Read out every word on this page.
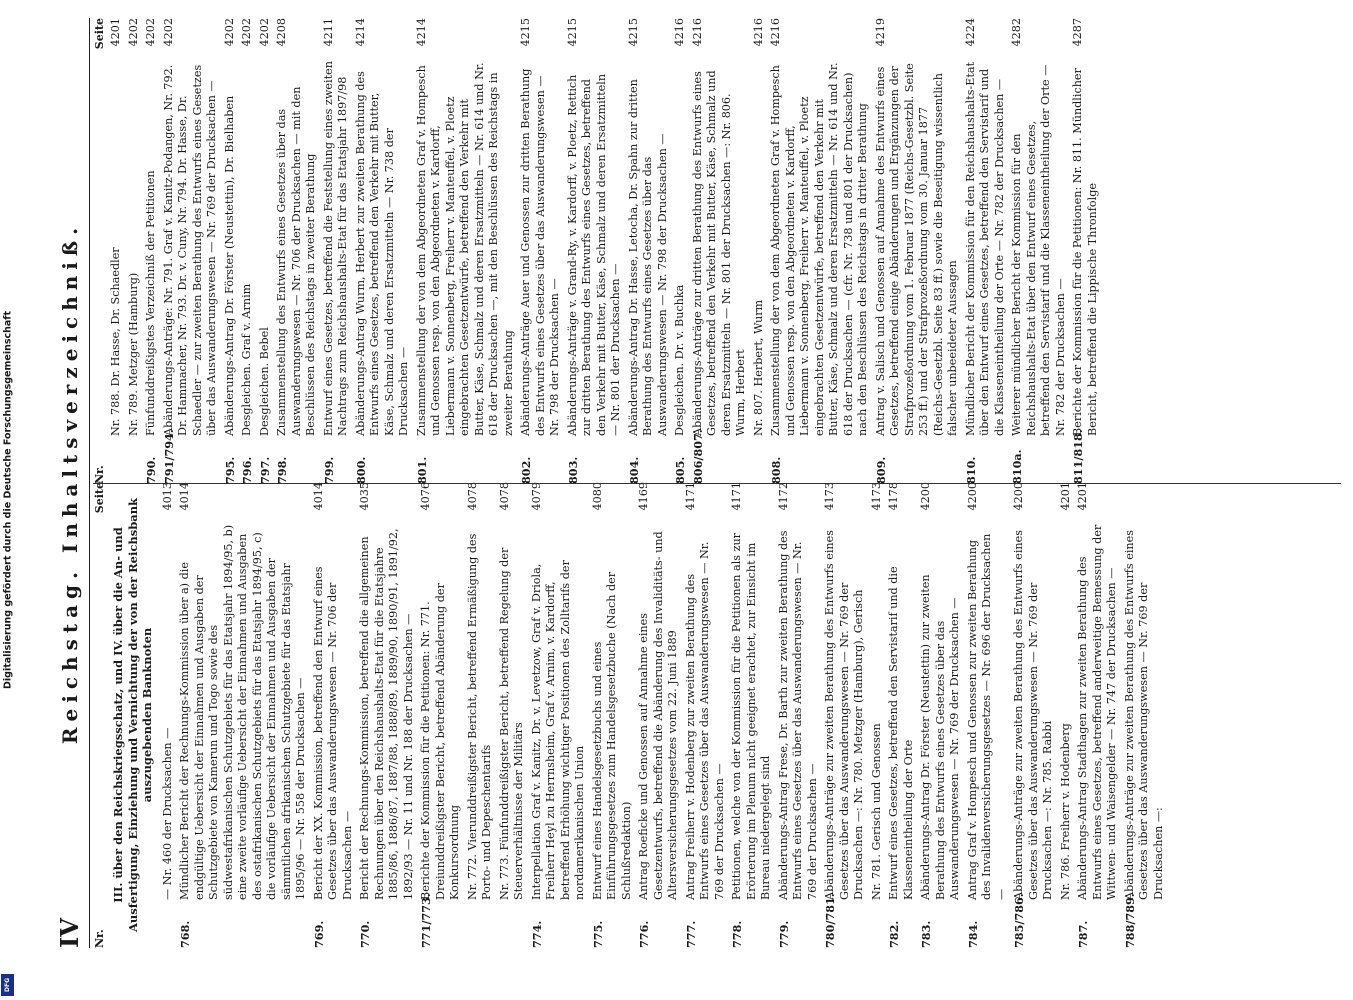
IV
Reichstag. Inhaltsverzeichniß.
Nr.
Seite
III. über den Reichskriegsschatz, und IV. über die An- und Ausfertigung, Einziehung und Vernichtung der von der Reichsbank auszugebenden Banknoten
— Nr. 460 der Drucksachen —
4013
768.
Mündlicher Bericht der Rechnungs-Kommission über a) die endgültige Uebersicht der Einnahmen und Ausgaben der Schutzgebiete von Kamerun und Togo sowie des südwestafrikanischen Schutzgebiets für das Etatsjahr 1894/95, b) eine zweite vorläufige Uebersicht der Einnahmen und Ausgaben des ostafrikanischen Schutzgebiets für das Etatsjahr 1894/95, c) die vorläufige Uebersicht der Einnahmen und Ausgaben der sämmtlichen afrikanischen Schutzgebiete für das Etatsjahr 1895/96 — Nr. 558 der Drucksachen —
4014
769.
Bericht der XX. Kommission, betreffend den Entwurf eines Gesetzes über das Auswanderungswesen — Nr. 706 der Drucksachen —
4014
770.
Bericht der Rechnungs-Kommission, betreffend die allgemeinen Rechnungen über den Reichshaushalts-Etat für die Etatsjahre 1885/86, 1886/87, 1887/88, 1888/89, 1889/90, 1890/91, 1891/92, 1892/93 — Nr. 11 und Nr. 188 der Drucksachen —
4035
771/773.
Berichte der Kommission für die Petitionen: Nr. 771. Dreiunddreißigster Bericht, betreffend Abänderung der Konkursordnung
4076
Nr. 772. Vierunddreißigster Bericht, betreffend Ermäßigung des Porto- und Depeschentarifs
4078
Nr. 773. Fünfunddreißigster Bericht, betreffend Regelung der Steuerverhältnisse der Militärs
4078
774.
Interpellation Graf v. Kanitz, Dr. v. Levetzow, Graf v. Driola, Freiherr Heyl zu Herrnsheim, Graf v. Arnim, v. Kardorff, betreffend Erhöhung wichtiger Positionen des Zolltarifs der nordamerikanischen Union
4079
775.
Entwurf eines Handelsgesetzbuchs und eines Einführungsgesetzes zum Handelsgesetzbuche (Nach der Schlußredaktion)
4080
776.
Antrag Roeficke und Genossen auf Annahme eines Gesetzentwurfs, betreffend die Abänderung des Invaliditäts- und Altersversicherungsgesetzes vom 22. Juni 1889
4169
777.
Antrag Freiherr v. Hodenberg zur zweiten Berathung des Entwurfs eines Gesetzes über das Auswanderungswesen — Nr. 769 der Drucksachen —
4171
778.
Petitionen, welche von der Kommission für die Petitionen als zur Erörterung im Plenum nicht geeignet erachtet, zur Einsicht im Bureau niedergelegt sind
4171
779.
Abänderungs-Antrag Frese, Dr. Barth zur zweiten Berathung des Entwurfs eines Gesetzes über das Auswanderungswesen — Nr. 769 der Drucksachen —
4172
780/781.
Abänderungs-Anträge zur zweiten Berathung des Entwurfs eines Gesetzes über das Auswanderungswesen — Nr. 769 der Drucksachen —: Nr. 780. Metzger (Hamburg), Gerisch
4173
Nr. 781. Gerisch und Genossen
4173
782.
Entwurf eines Gesetzes, betreffend den Servistarif und die Klasseneintheilung der Orte
4178
783.
Abänderungs-Antrag Dr. Förster (Neustettin) zur zweiten Berathung des Entwurfs eines Gesetzes über das Auswanderungswesen — Nr. 769 der Drucksachen —
4200
784.
Antrag Graf v. Hompesch und Genossen zur zweiten Berathung des Invalidenversicherungsgesetzes — Nr. 696 der Drucksachen —
4200
785/786.
Abänderungs-Anträge zur zweiten Berathung des Entwurfs eines Gesetzes über das Auswanderungswesen — Nr. 769 der Drucksachen —: Nr. 785. Rabbi
4200
Nr. 786. Freiherr v. Hodenberg
4201
787.
Abänderungs-Antrag Stadthagen zur zweiten Berathung des Entwurfs eines Gesetzes, betreffend anderweitige Bemessung der Wittwen- und Waisengelder — Nr. 747 der Drucksachen —
4201
788/789.
Abänderungs-Anträge zur zweiten Berathung des Entwurfs eines Gesetzes über das Auswanderungswesen — Nr. 769 der Drucksachen —:
Nr.
Seite
Nr. 788. Dr. Hasse, Dr. Schaedler
4201
Nr. 789. Metzger (Hamburg)
4202
790.
Fünfunddreißigstes Verzeichniß der Petitionen
4202
791/794.
Abänderungs-Anträge: Nr. 791. Graf v. Kanitz-Podangen, Nr. 792. Dr. Hammacher, Nr. 793. Dr. v. Cuny, Nr. 794. Dr. Hasse, Dr. Schaedler — zur zweiten Berathung des Entwurfs eines Gesetzes über das Auswanderungswesen — Nr. 769 der Drucksachen —
4202
795.
Abänderungs-Antrag Dr. Förster (Neustettin), Dr. Bielhaben
4202
796.
Desgleichen. Graf v. Arnim
4202
797.
Desgleichen. Bebel
4202
798.
Zusammenstellung des Entwurfs eines Gesetzes über das Auswanderungswesen — Nr. 706 der Drucksachen — mit den Beschlüssen des Reichstags in zweiter Berathung
4208
799.
Entwurf eines Gesetzes, betreffend die Feststellung eines zweiten Nachtrags zum Reichshaushalts-Etat für das Etatsjahr 1897/98
4211
800.
Abänderungs-Antrag Wurm, Herbert zur zweiten Berathung des Entwurfs eines Gesetzes, betreffend den Verkehr mit Butter, Käse, Schmalz und deren Ersatzmitteln — Nr. 738 der Drucksachen —
4214
801.
Zusammenstellung der von dem Abgeordneten Graf v. Hompesch und Genossen resp. von den Abgeordneten v. Kardorff, Liebermann v. Sonnenberg, Freiherr v. Manteuffel, v. Ploetz eingebrachten Gesetzentwürfe, betreffend den Verkehr mit Butter, Käse, Schmalz und deren Ersatzmitteln — Nr. 614 und Nr. 618 der Drucksachen —, mit den Beschlüssen des Reichstags in zweiter Berathung
4214
802.
Abänderungs-Anträge Auer und Genossen zur dritten Berathung des Entwurfs eines Gesetzes über das Auswanderungswesen — Nr. 798 der Drucksachen —
4215
803.
Abänderungs-Anträge v. Grand-Ry, v. Kardorff, v. Ploetz, Rettich zur dritten Berathung des Entwurfs eines Gesetzes, betreffend den Verkehr mit Butter, Käse, Schmalz und deren Ersatzmitteln — Nr. 801 der Drucksachen —
4215
804.
Abänderungs-Antrag Dr. Hasse, Letocha, Dr. Spahn zur dritten Berathung des Entwurfs eines Gesetzes über das Auswanderungswesen — Nr. 798 der Drucksachen —
4215
805.
Desgleichen. Dr. v. Buchka
4216
806/807.
Abänderungs-Anträge zur dritten Berathung des Entwurfs eines Gesetzes, betreffend den Verkehr mit Butter, Käse, Schmalz und deren Ersatzmitteln — Nr. 801 der Drucksachen —: Nr. 806. Wurm, Herbert
4216
Nr. 807. Herbert, Wurm
4216
808.
Zusammenstellung der von dem Abgeordneten Graf v. Hompesch und Genossen resp. von den Abgeordneten v. Kardorff, Liebermann v. Sonnenberg, Freiherr v. Manteuffel, v. Ploetz eingebrachten Gesetzentwürfe, betreffend den Verkehr mit Butter, Käse, Schmalz und deren Ersatzmitteln — Nr. 614 und Nr. 618 der Drucksachen — (cfr. Nr. 738 und 801 der Drucksachen) nach den Beschlüssen des Reichstags in dritter Berathung
4216
809.
Antrag v. Salisch und Genossen auf Annahme des Entwurfs eines Gesetzes, betreffend einige Abänderungen und Ergänzungen der Strafprozeßordnung vom 1. Februar 1877 (Reichs-Gesetzbl. Seite 253 ff.) und der Strafprozeßordnung vom 30. Januar 1877 (Reichs-Gesetzbl. Seite 83 ff.) sowie die Beseitigung wissentlich falscher unbeeideter Aussagen
4219
810.
Mündlicher Bericht der Kommission für den Reichshaushalts-Etat über den Entwurf eines Gesetzes, betreffend den Servistarif und die Klasseneintheilung der Orte — Nr. 782 der Drucksachen —
4224
810a.
Weiterer mündlicher Bericht der Kommission für den Reichshaushalts-Etat über den Entwurf eines Gesetzes, betreffend den Servistarif und die Klasseneintheilung der Orte — Nr. 782 der Drucksachen —
4282
811/818.
Berichte der Kommission für die Petitionen: Nr. 811. Mündlicher Bericht, betreffend die Lippische Thronfolge
4287
Digitalisierung gefördert durch die Deutsche Forschungsgemeinschaft
DFG
